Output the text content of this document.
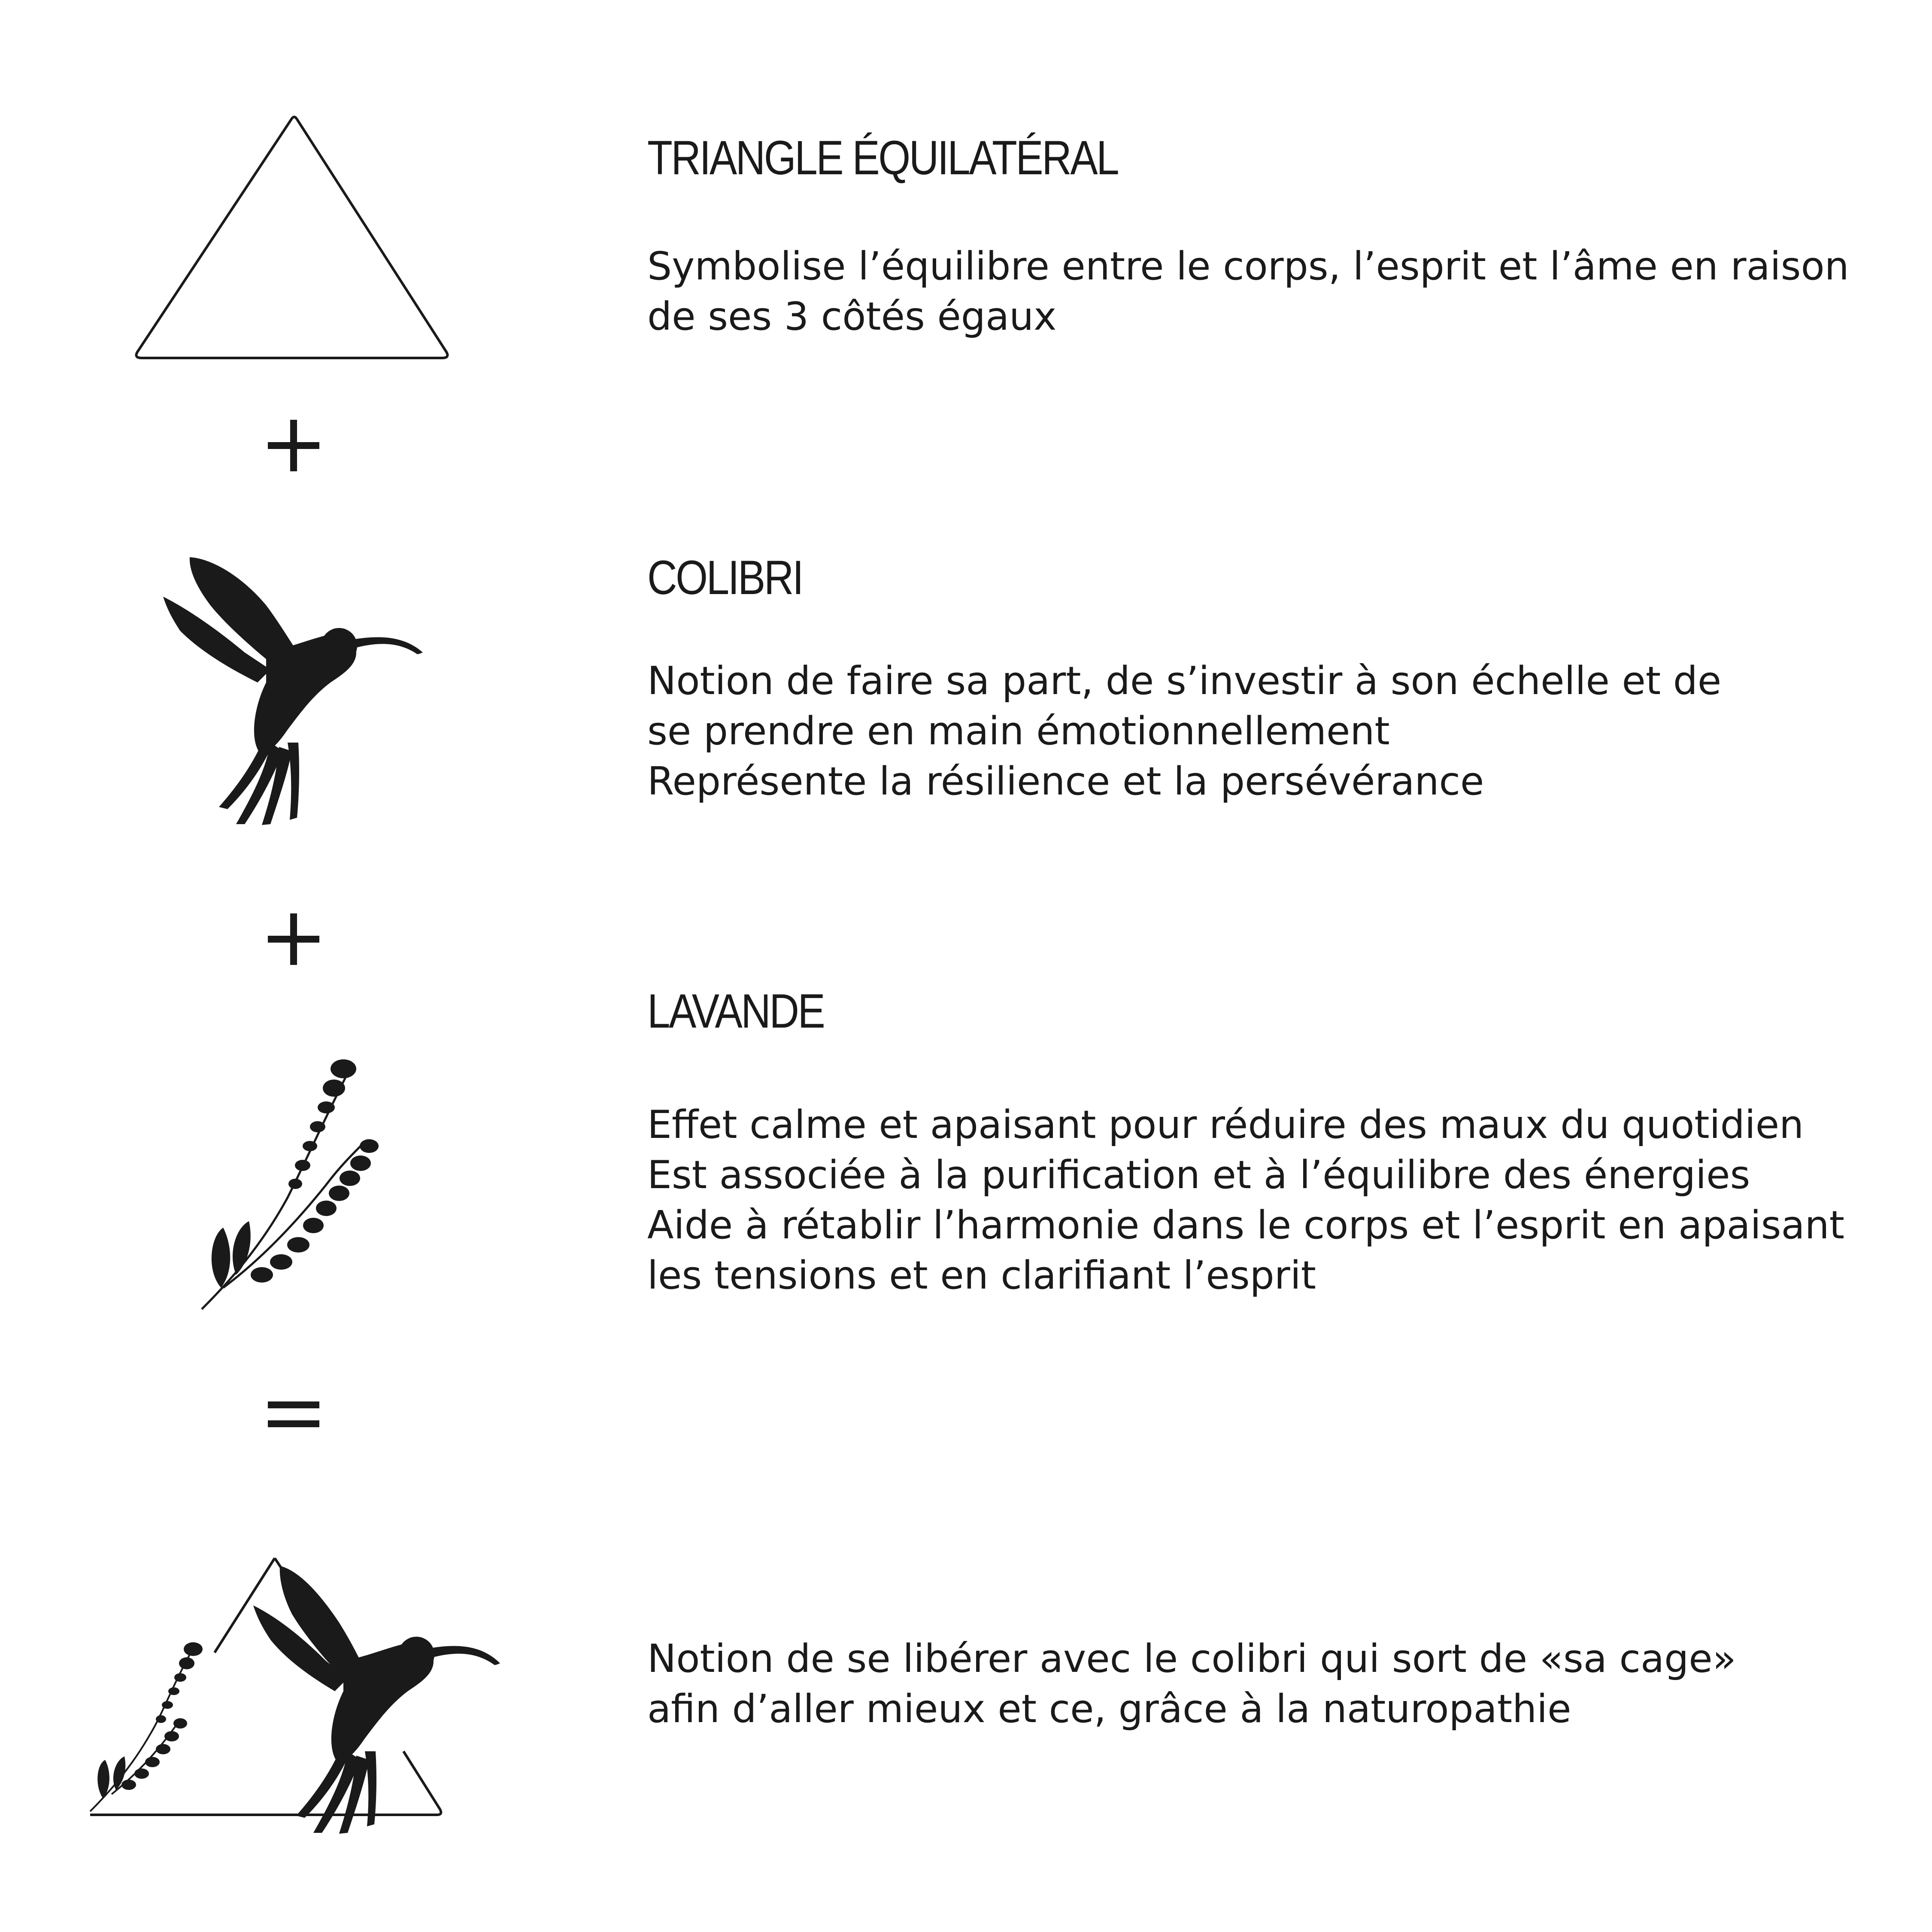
TRIANGLE ÉQUILATÉRAL
Symbolise l’équilibre entre le corps, l’esprit et l’âme en raison
de ses 3 côtés égaux
COLIBRI
Notion de faire sa part, de s’investir à son échelle et de
se prendre en main émotionnellement
Représente la résilience et la persévérance
LAVANDE
Effet calme et apaisant pour réduire des maux du quotidien
Est associée à la purification et à l’équilibre des énergies
Aide à rétablir l’harmonie dans le corps et l’esprit en apaisant
les tensions et en clarifiant l’esprit
Notion de se libérer avec le colibri qui sort de «sa cage»
afin d’aller mieux et ce, grâce à la naturopathie
